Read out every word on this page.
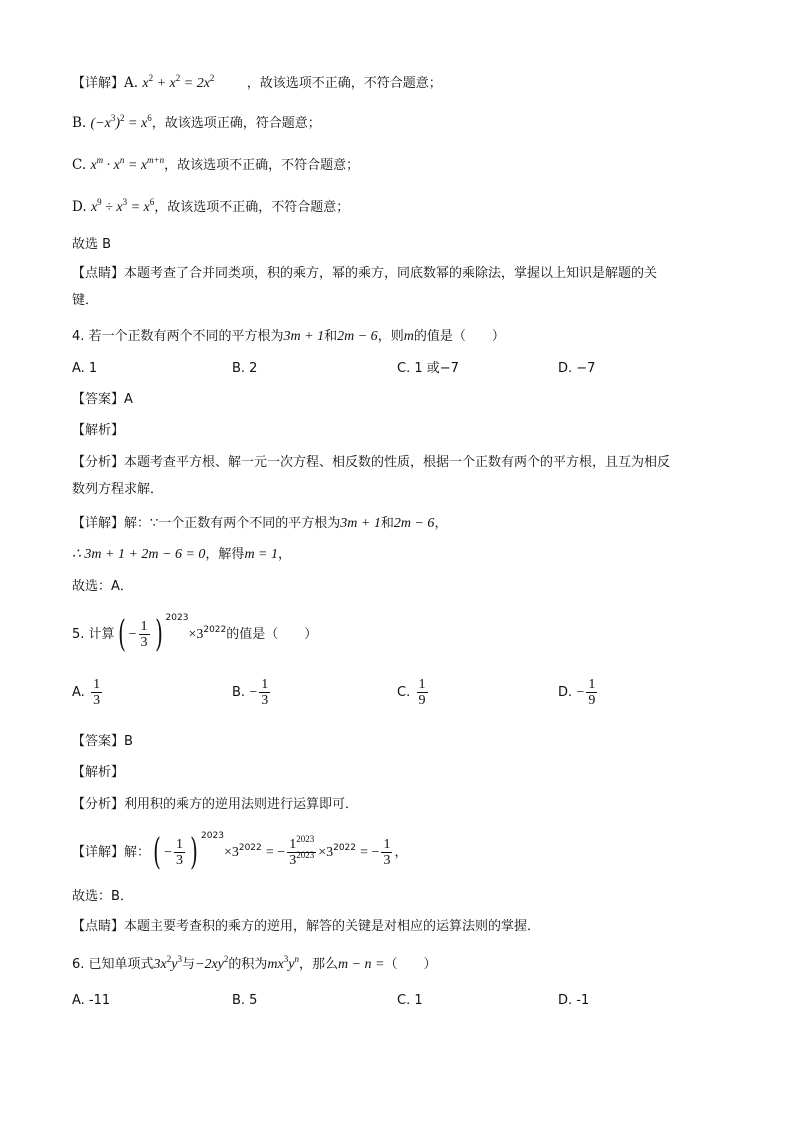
【详解】A. $x^2 + x^2 = 2x^2$ ，故该选项不正确，不符合题意；
B. $(-x^3)^2 = x^6$，故该选项正确，符合题意；
C. $x^m \cdot x^n = x^{m+n}$，故该选项不正确，不符合题意；
D. $x^9 \div x^3 = x^6$，故该选项不正确，不符合题意；
故选 B
【点睛】本题考查了合并同类项，积的乘方，幂的乘方，同底数幂的乘除法，掌握以上知识是解题的关
键．
4. 若一个正数有两个不同的平方根为3m + 1和2m − 6，则m的值是（　　）
A. 1	B. 2	C. 1 或−7	D. −7
【答案】A
【解析】
【分析】本题考查平方根、解一元一次方程、相反数的性质，根据一个正数有两个的平方根，且互为相反
数列方程求解．
【详解】解：∵一个正数有两个不同的平方根为3m + 1和2m − 6，
∴ 3m + 1 + 2m − 6 = 0，解得m = 1，
故选：A．
5. 计算( − $\frac{1}{3}$ ) $^{2023}\times 3^{2022}$的值是（　　）
A. $\frac{1}{3}$	B. − $\frac{1}{3}$	C. $\frac{1}{9}$	D. − $\frac{1}{9}$
【答案】B
【解析】
【分析】利用积的乘方的逆用法则进行运算即可．
【详解】解：( − $\frac{1}{3}$ ) $^{2023}\times 3^{2022}$ = − $\frac{1^{2023}}{3^{2023}} \times 3^{2022}$ = − $\frac{1}{3}$ ，
故选：B．
【点睛】本题主要考查积的乘方的逆用，解答的关键是对相应的运算法则的掌握．
6. 已知单项式$3x^2y^3$与$-2xy^2$的积为$mx^3y^n$，那么m − n =（　　）
A. -11	B. 5	C. 1	D. -1
